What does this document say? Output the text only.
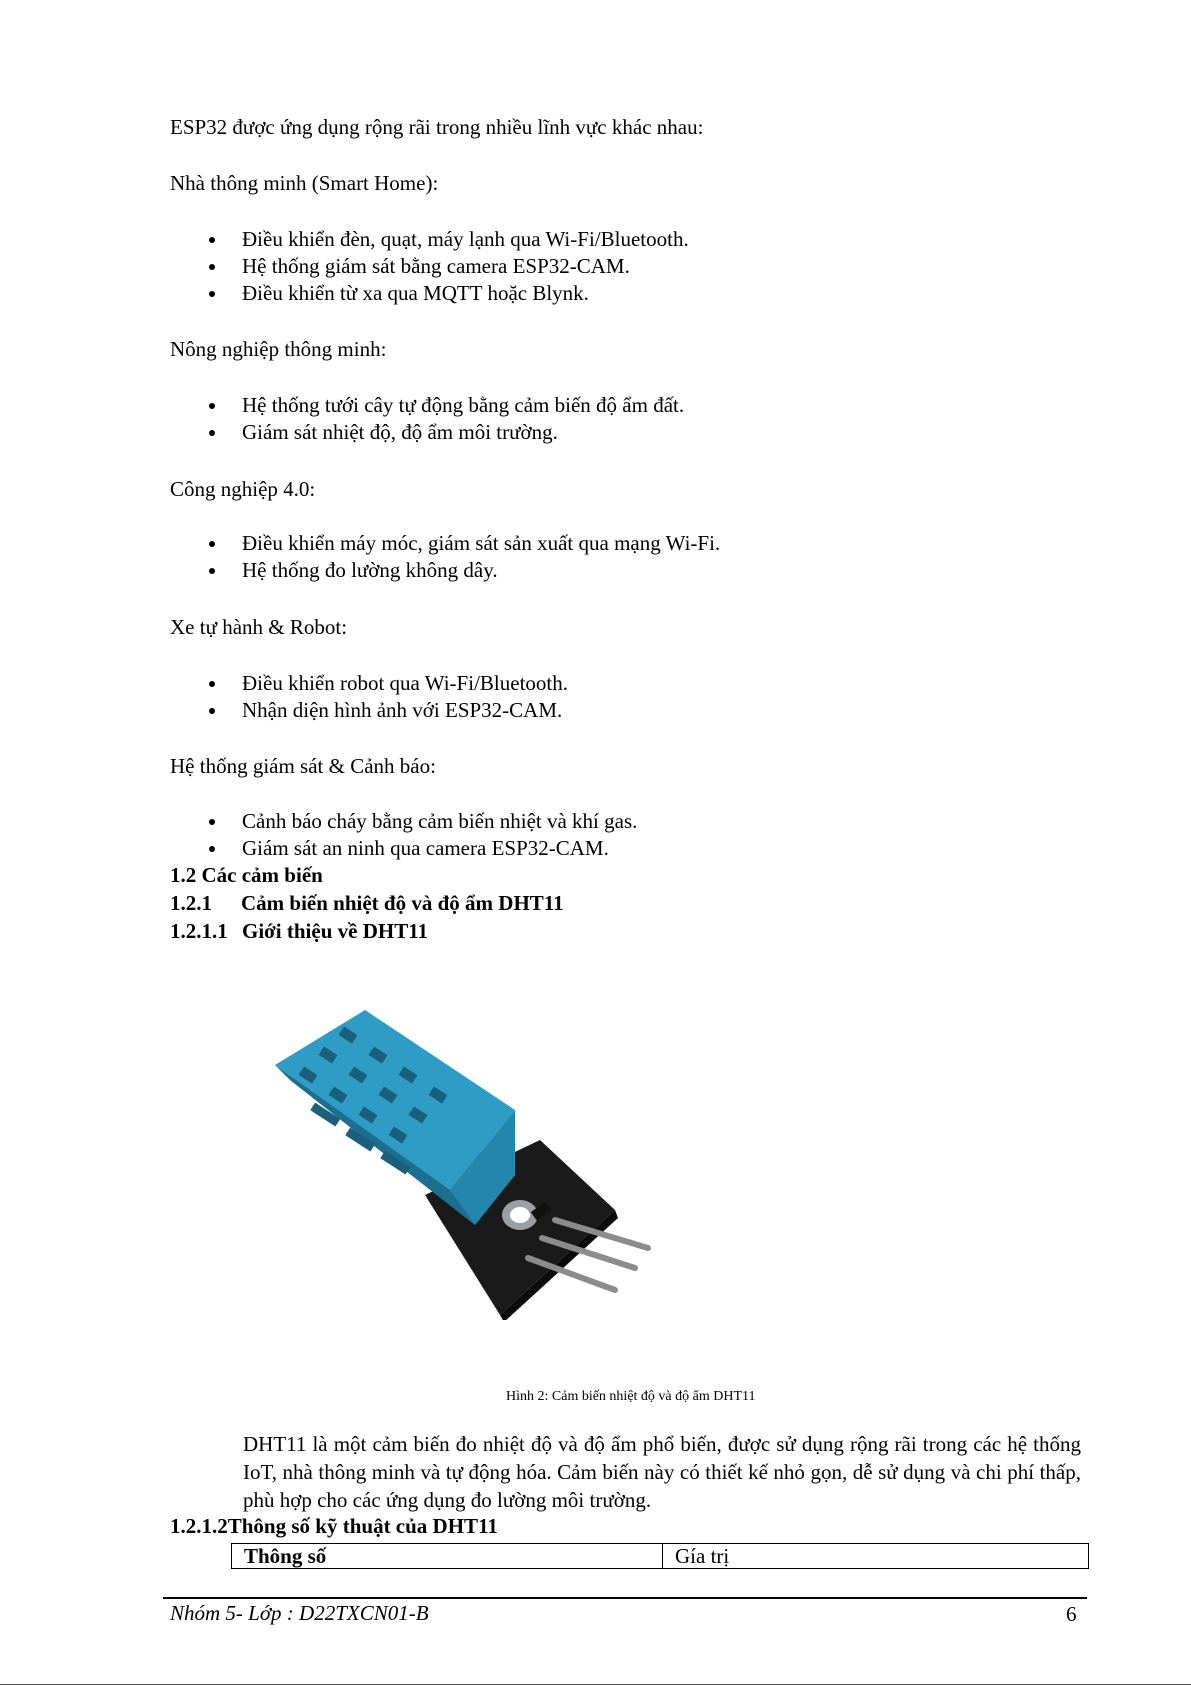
ESP32 được ứng dụng rộng rãi trong nhiều lĩnh vực khác nhau:
Nhà thông minh (Smart Home):
Điều khiển đèn, quạt, máy lạnh qua Wi-Fi/Bluetooth.
Hệ thống giám sát bằng camera ESP32-CAM.
Điều khiển từ xa qua MQTT hoặc Blynk.
Nông nghiệp thông minh:
Hệ thống tưới cây tự động bằng cảm biến độ ẩm đất.
Giám sát nhiệt độ, độ ẩm môi trường.
Công nghiệp 4.0:
Điều khiển máy móc, giám sát sản xuất qua mạng Wi-Fi.
Hệ thống đo lường không dây.
Xe tự hành & Robot:
Điều khiển robot qua Wi-Fi/Bluetooth.
Nhận diện hình ảnh với ESP32-CAM.
Hệ thống giám sát & Cảnh báo:
Cảnh báo cháy bằng cảm biến nhiệt và khí gas.
Giám sát an ninh qua camera ESP32-CAM.
1.2 Các cảm biến
1.2.1 Cảm biến nhiệt độ và độ ẩm DHT11
1.2.1.1 Giới thiệu về DHT11
Hình 2: Cảm biến nhiệt độ và độ ẩm DHT11
DHT11 là một cảm biến đo nhiệt độ và độ ẩm phổ biến, được sử dụng rộng rãi trong các hệ thống IoT, nhà thông minh và tự động hóa. Cảm biến này có thiết kế nhỏ gọn, dễ sử dụng và chi phí thấp, phù hợp cho các ứng dụng đo lường môi trường.
1.2.1.2Thông số kỹ thuật của DHT11
Thông số	Gía trị
Nhóm 5- Lớp : D22TXCN01-B	6
